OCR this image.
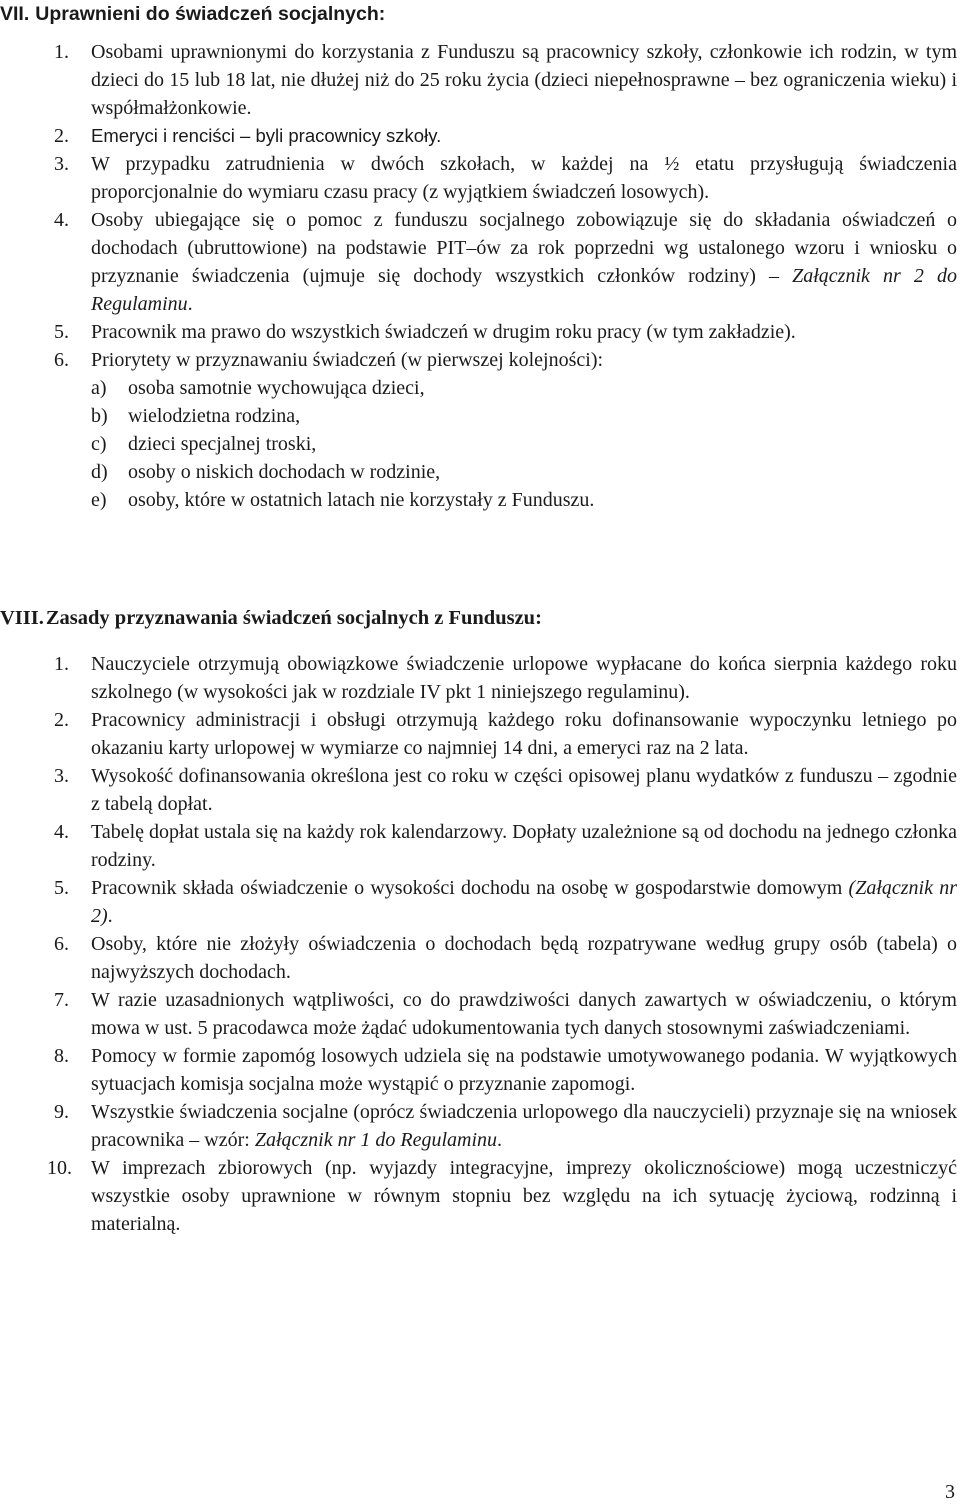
VII. Uprawnieni do świadczeń socjalnych:
1. Osobami uprawnionymi do korzystania z Funduszu są pracownicy szkoły, członkowie ich rodzin, w tym dzieci do 15 lub 18 lat, nie dłużej niż do 25 roku życia (dzieci niepełnosprawne – bez ograniczenia wieku) i współmałżonkowie.
2. Emeryci i renciści – byli pracownicy szkoły.
3. W przypadku zatrudnienia w dwóch szkołach, w każdej na ½ etatu przysługują świadczenia proporcjonalnie do wymiaru czasu pracy (z wyjątkiem świadczeń losowych).
4. Osoby ubiegające się o pomoc z funduszu socjalnego zobowiązuje się do składania oświadczeń o dochodach (ubruttowione) na podstawie PIT–ów za rok poprzedni wg ustalonego wzoru i wniosku o przyznanie świadczenia (ujmuje się dochody wszystkich członków rodziny) – Załącznik nr 2 do Regulaminu.
5. Pracownik ma prawo do wszystkich świadczeń w drugim roku pracy (w tym zakładzie).
6. Priorytety w przyznawaniu świadczeń (w pierwszej kolejności):
a) osoba samotnie wychowująca dzieci,
b) wielodzietna rodzina,
c) dzieci specjalnej troski,
d) osoby o niskich dochodach w rodzinie,
e) osoby, które w ostatnich latach nie korzystały z Funduszu.
VIII.Zasady przyznawania świadczeń socjalnych z Funduszu:
1. Nauczyciele otrzymują obowiązkowe świadczenie urlopowe wypłacane do końca sierpnia każdego roku szkolnego (w wysokości jak w rozdziale IV pkt 1 niniejszego regulaminu).
2. Pracownicy administracji i obsługi otrzymują każdego roku dofinansowanie wypoczynku letniego po okazaniu karty urlopowej w wymiarze co najmniej 14 dni, a emeryci raz na 2 lata.
3. Wysokość dofinansowania określona jest co roku w części opisowej planu wydatków z funduszu – zgodnie z tabelą dopłat.
4. Tabelę dopłat ustala się na każdy rok kalendarzowy. Dopłaty uzależnione są od dochodu na jednego członka rodziny.
5. Pracownik składa oświadczenie o wysokości dochodu na osobę w gospodarstwie domowym (Załącznik nr 2).
6. Osoby, które nie złożyły oświadczenia o dochodach będą rozpatrywane według grupy osób (tabela) o najwyższych dochodach.
7. W razie uzasadnionych wątpliwości, co do prawdziwości danych zawartych w oświadczeniu, o którym mowa w ust. 5 pracodawca może żądać udokumentowania tych danych stosownymi zaświadczeniami.
8. Pomocy w formie zapomóg losowych udziela się na podstawie umotywowanego podania. W wyjątkowych sytuacjach komisja socjalna może wystąpić o przyznanie zapomogi.
9. Wszystkie świadczenia socjalne (oprócz świadczenia urlopowego dla nauczycieli) przyznaje się na wniosek pracownika – wzór: Załącznik nr 1 do Regulaminu.
10. W imprezach zbiorowych (np. wyjazdy integracyjne, imprezy okolicznościowe) mogą uczestniczyć wszystkie osoby uprawnione w równym stopniu bez względu na ich sytuację życiową, rodzinną i materialną.
3
